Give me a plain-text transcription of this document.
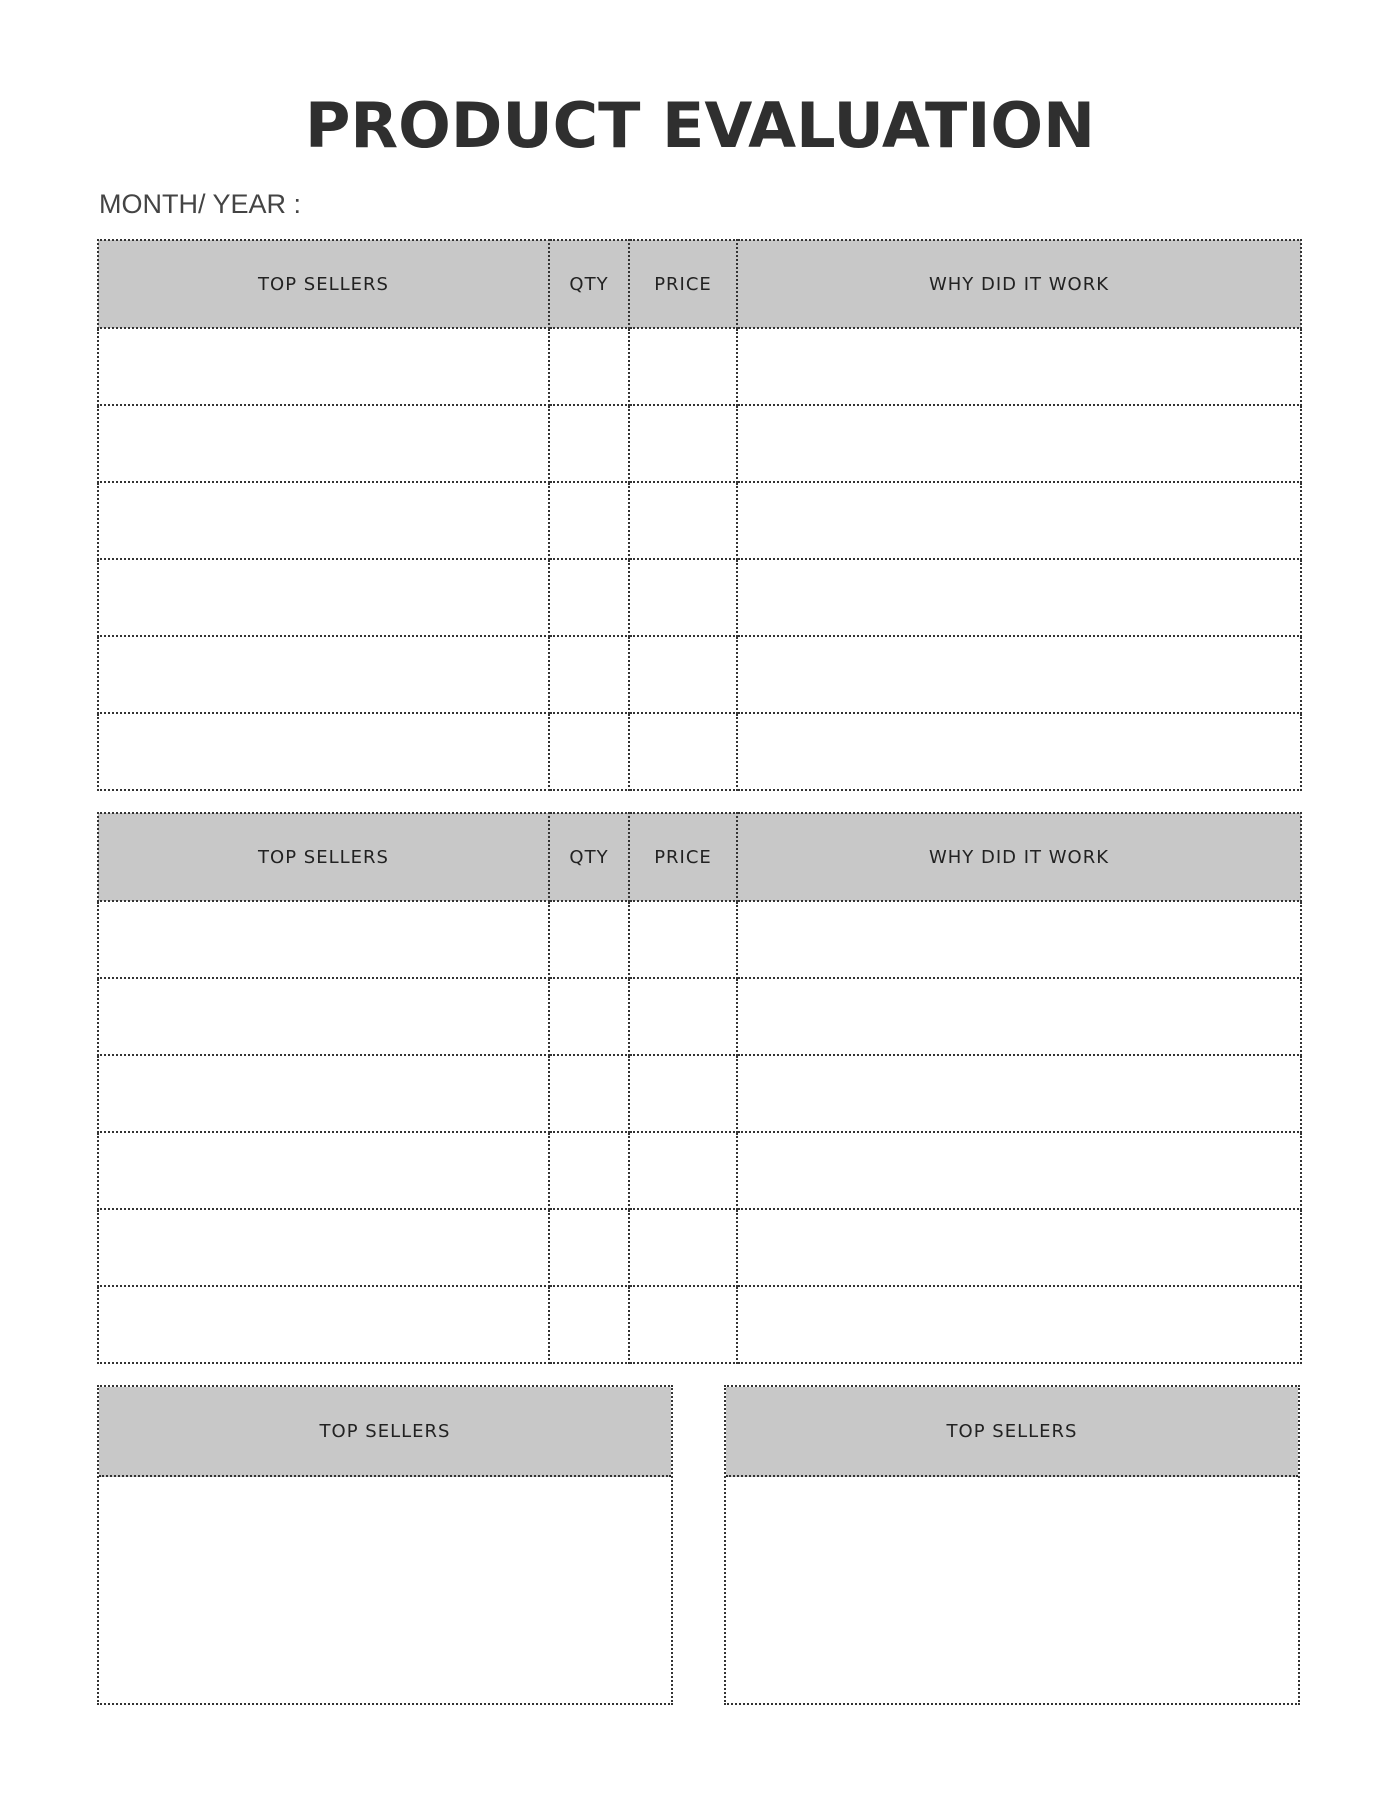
PRODUCT EVALUATION
MONTH/ YEAR :
TOP SELLERS	QTY	PRICE	WHY DID IT WORK

TOP SELLERS	QTY	PRICE	WHY DID IT WORK

TOP SELLERS	TOP SELLERS
